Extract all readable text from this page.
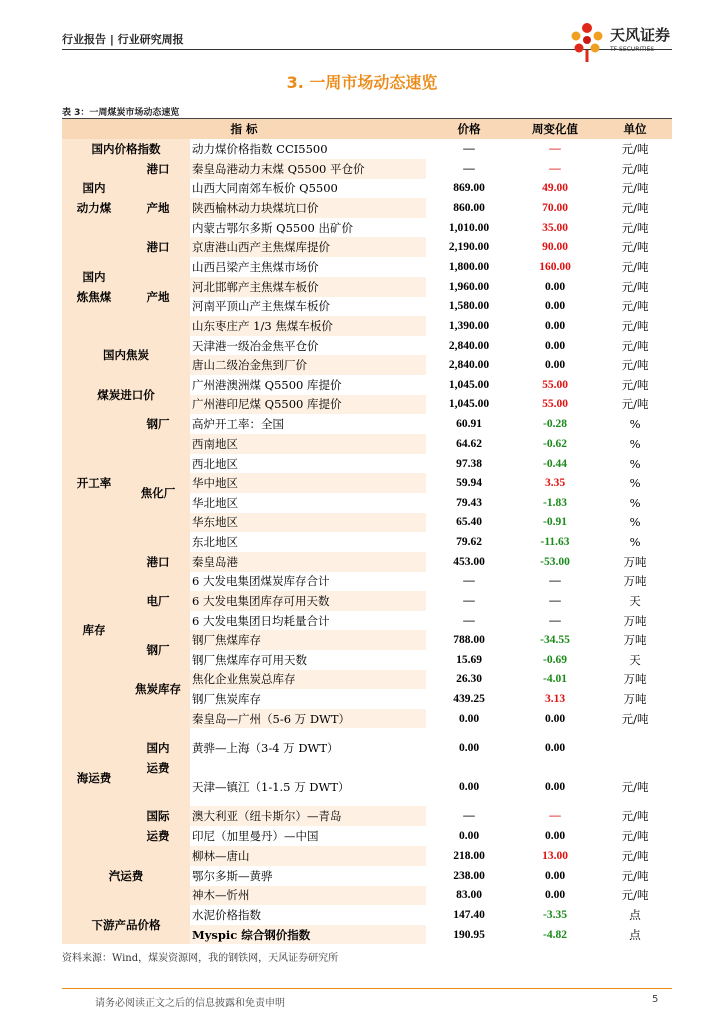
行业报告 | 行业研究周报	天风证券
TF SECURITIES
3. 一周市场动态速览
表 3：一周煤炭市场动态速览
指 标			价格	周变化值	单位
国内价格指数		动力煤价格指数 CCI5500	—	—	元/吨
国内
动力煤	港口	秦皇岛港动力末煤 Q5500 平仓价	—	—	元/吨
	产地	山西大同南郊车板价 Q5500	869.00	49.00	元/吨
		陕西榆林动力块煤坑口价	860.00	70.00	元/吨
		内蒙古鄂尔多斯 Q5500 出矿价	1,010.00	35.00	元/吨
国内
炼焦煤	港口	京唐港山西产主焦煤库提价	2,190.00	90.00	元/吨
	产地	山西吕梁产主焦煤市场价	1,800.00	160.00	元/吨
		河北邯郸产主焦煤车板价	1,960.00	0.00	元/吨
		河南平顶山产主焦煤车板价	1,580.00	0.00	元/吨
		山东枣庄产 1/3 焦煤车板价	1,390.00	0.00	元/吨
国内焦炭		天津港一级冶金焦平仓价	2,840.00	0.00	元/吨
		唐山二级冶金焦到厂价	2,840.00	0.00	元/吨
煤炭进口价		广州港澳洲煤 Q5500 库提价	1,045.00	55.00	元/吨
		广州港印尼煤 Q5500 库提价	1,045.00	55.00	元/吨
开工率	钢厂	高炉开工率：全国	60.91	-0.28	%
	焦化厂	西南地区	64.62	-0.62	%
		西北地区	97.38	-0.44	%
		华中地区	59.94	3.35	%
		华北地区	79.43	-1.83	%
		华东地区	65.40	-0.91	%
		东北地区	79.62	-11.63	%
库存	港口	秦皇岛港	453.00	-53.00	万吨
	电厂	6 大发电集团煤炭库存合计	—	—	万吨
		6 大发电集团库存可用天数	—	—	天
		6 大发电集团日均耗量合计	—	—	万吨
	钢厂	钢厂焦煤库存	788.00	-34.55	万吨
		钢厂焦煤库存可用天数	15.69	-0.69	天
	焦炭库存	焦化企业焦炭总库存	26.30	-4.01	万吨
		钢厂焦炭库存	439.25	3.13	万吨
海运费	国内
运费	秦皇岛—广州（5-6 万 DWT）	0.00	0.00	元/吨
		黄骅—上海（3-4 万 DWT）	0.00	0.00	
		天津—镇江（1-1.5 万 DWT）	0.00	0.00	元/吨
	国际
运费	澳大利亚（纽卡斯尔）—青岛	—	—	元/吨
		印尼（加里曼丹）—中国	0.00	0.00	元/吨
汽运费		柳林—唐山	218.00	13.00	元/吨
		鄂尔多斯—黄骅	238.00	0.00	元/吨
		神木—忻州	83.00	0.00	元/吨
下游产品价格		水泥价格指数	147.40	-3.35	点
		Myspic 综合钢价指数	190.95	-4.82	点
资料来源：Wind，煤炭资源网，我的钢铁网，天风证券研究所
请务必阅读正文之后的信息披露和免责申明	5
